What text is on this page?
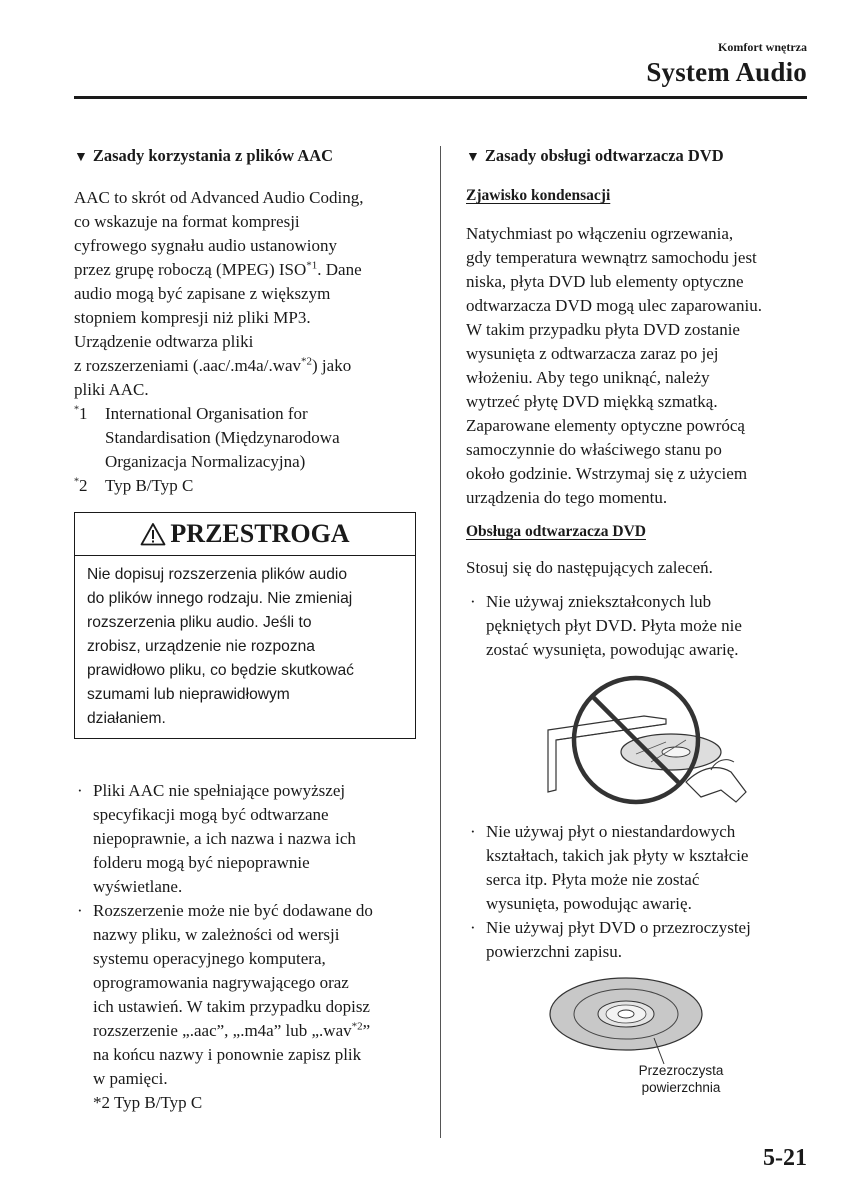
Komfort wnętrza
System Audio
▼ Zasady korzystania z plików AAC

AAC to skrót od Advanced Audio Coding,

co wskazuje na format kompresji

cyfrowego sygnału audio ustanowiony

przez grupę roboczą (MPEG) ISO$^{*1}$. Dane

audio mogą być zapisane z większym

stopniem kompresji niż pliki MP3.

Urządzenie odtwarza pliki

z rozszerzeniami (.aac/.m4a/.wav$^{*2}$) jako

pliki AAC.

*1	International Organisation for
Standardisation (Międzynarodowa
Organizacja Normalizacyjna)
*2	Typ B/Typ C
PRZESTROGA
Nie dopisuj rozszerzenia plików audio
do plików innego rodzaju. Nie zmieniaj
rozszerzenia pliku audio. Jeśli to
zrobisz, urządzenie nie rozpozna
prawidłowo pliku, co będzie skutkować
szumami lub nieprawidłowym
działaniem.
· Pliki AAC nie spełniające powyższej
specyfikacji mogą być odtwarzane
niepoprawnie, a ich nazwa i nazwa ich
folderu mogą być niepoprawnie
wyświetlane.
· Rozszerzenie może nie być dodawane do
nazwy pliku, w zależności od wersji
systemu operacyjnego komputera,
oprogramowania nagrywającego oraz
ich ustawień. W takim przypadku dopisz
rozszerzenie „.aac”, „.m4a” lub „.wav$^{*2}$”
na końcu nazwy i ponownie zapisz plik
w pamięci.
*2 Typ B/Typ C
▼ Zasady obsługi odtwarzacza DVD
Zjawisko kondensacji

Natychmiast po włączeniu ogrzewania,

gdy temperatura wewnątrz samochodu jest

niska, płyta DVD lub elementy optyczne

odtwarzacza DVD mogą ulec zaparowaniu.

W takim przypadku płyta DVD zostanie

wysunięta z odtwarzacza zaraz po jej

włożeniu. Aby tego uniknąć, należy

wytrzeć płytę DVD miękką szmatką.

Zaparowane elementy optyczne powrócą

samoczynnie do właściwego stanu po

około godzinie. Wstrzymaj się z użyciem

urządzenia do tego momentu.

Obsługa odtwarzacza DVD

Stosuj się do następujących zaleceń.

· Nie używaj zniekształconych lub
pękniętych płyt DVD. Płyta może nie
zostać wysunięta, powodując awarię.
· Nie używaj płyt o niestandardowych
kształtach, takich jak płyty w kształcie
serca itp. Płyta może nie zostać
wysunięta, powodując awarię.
· Nie używaj płyt DVD o przezroczystej
powierzchni zapisu.
Przezroczysta
powierzchnia
5-21
